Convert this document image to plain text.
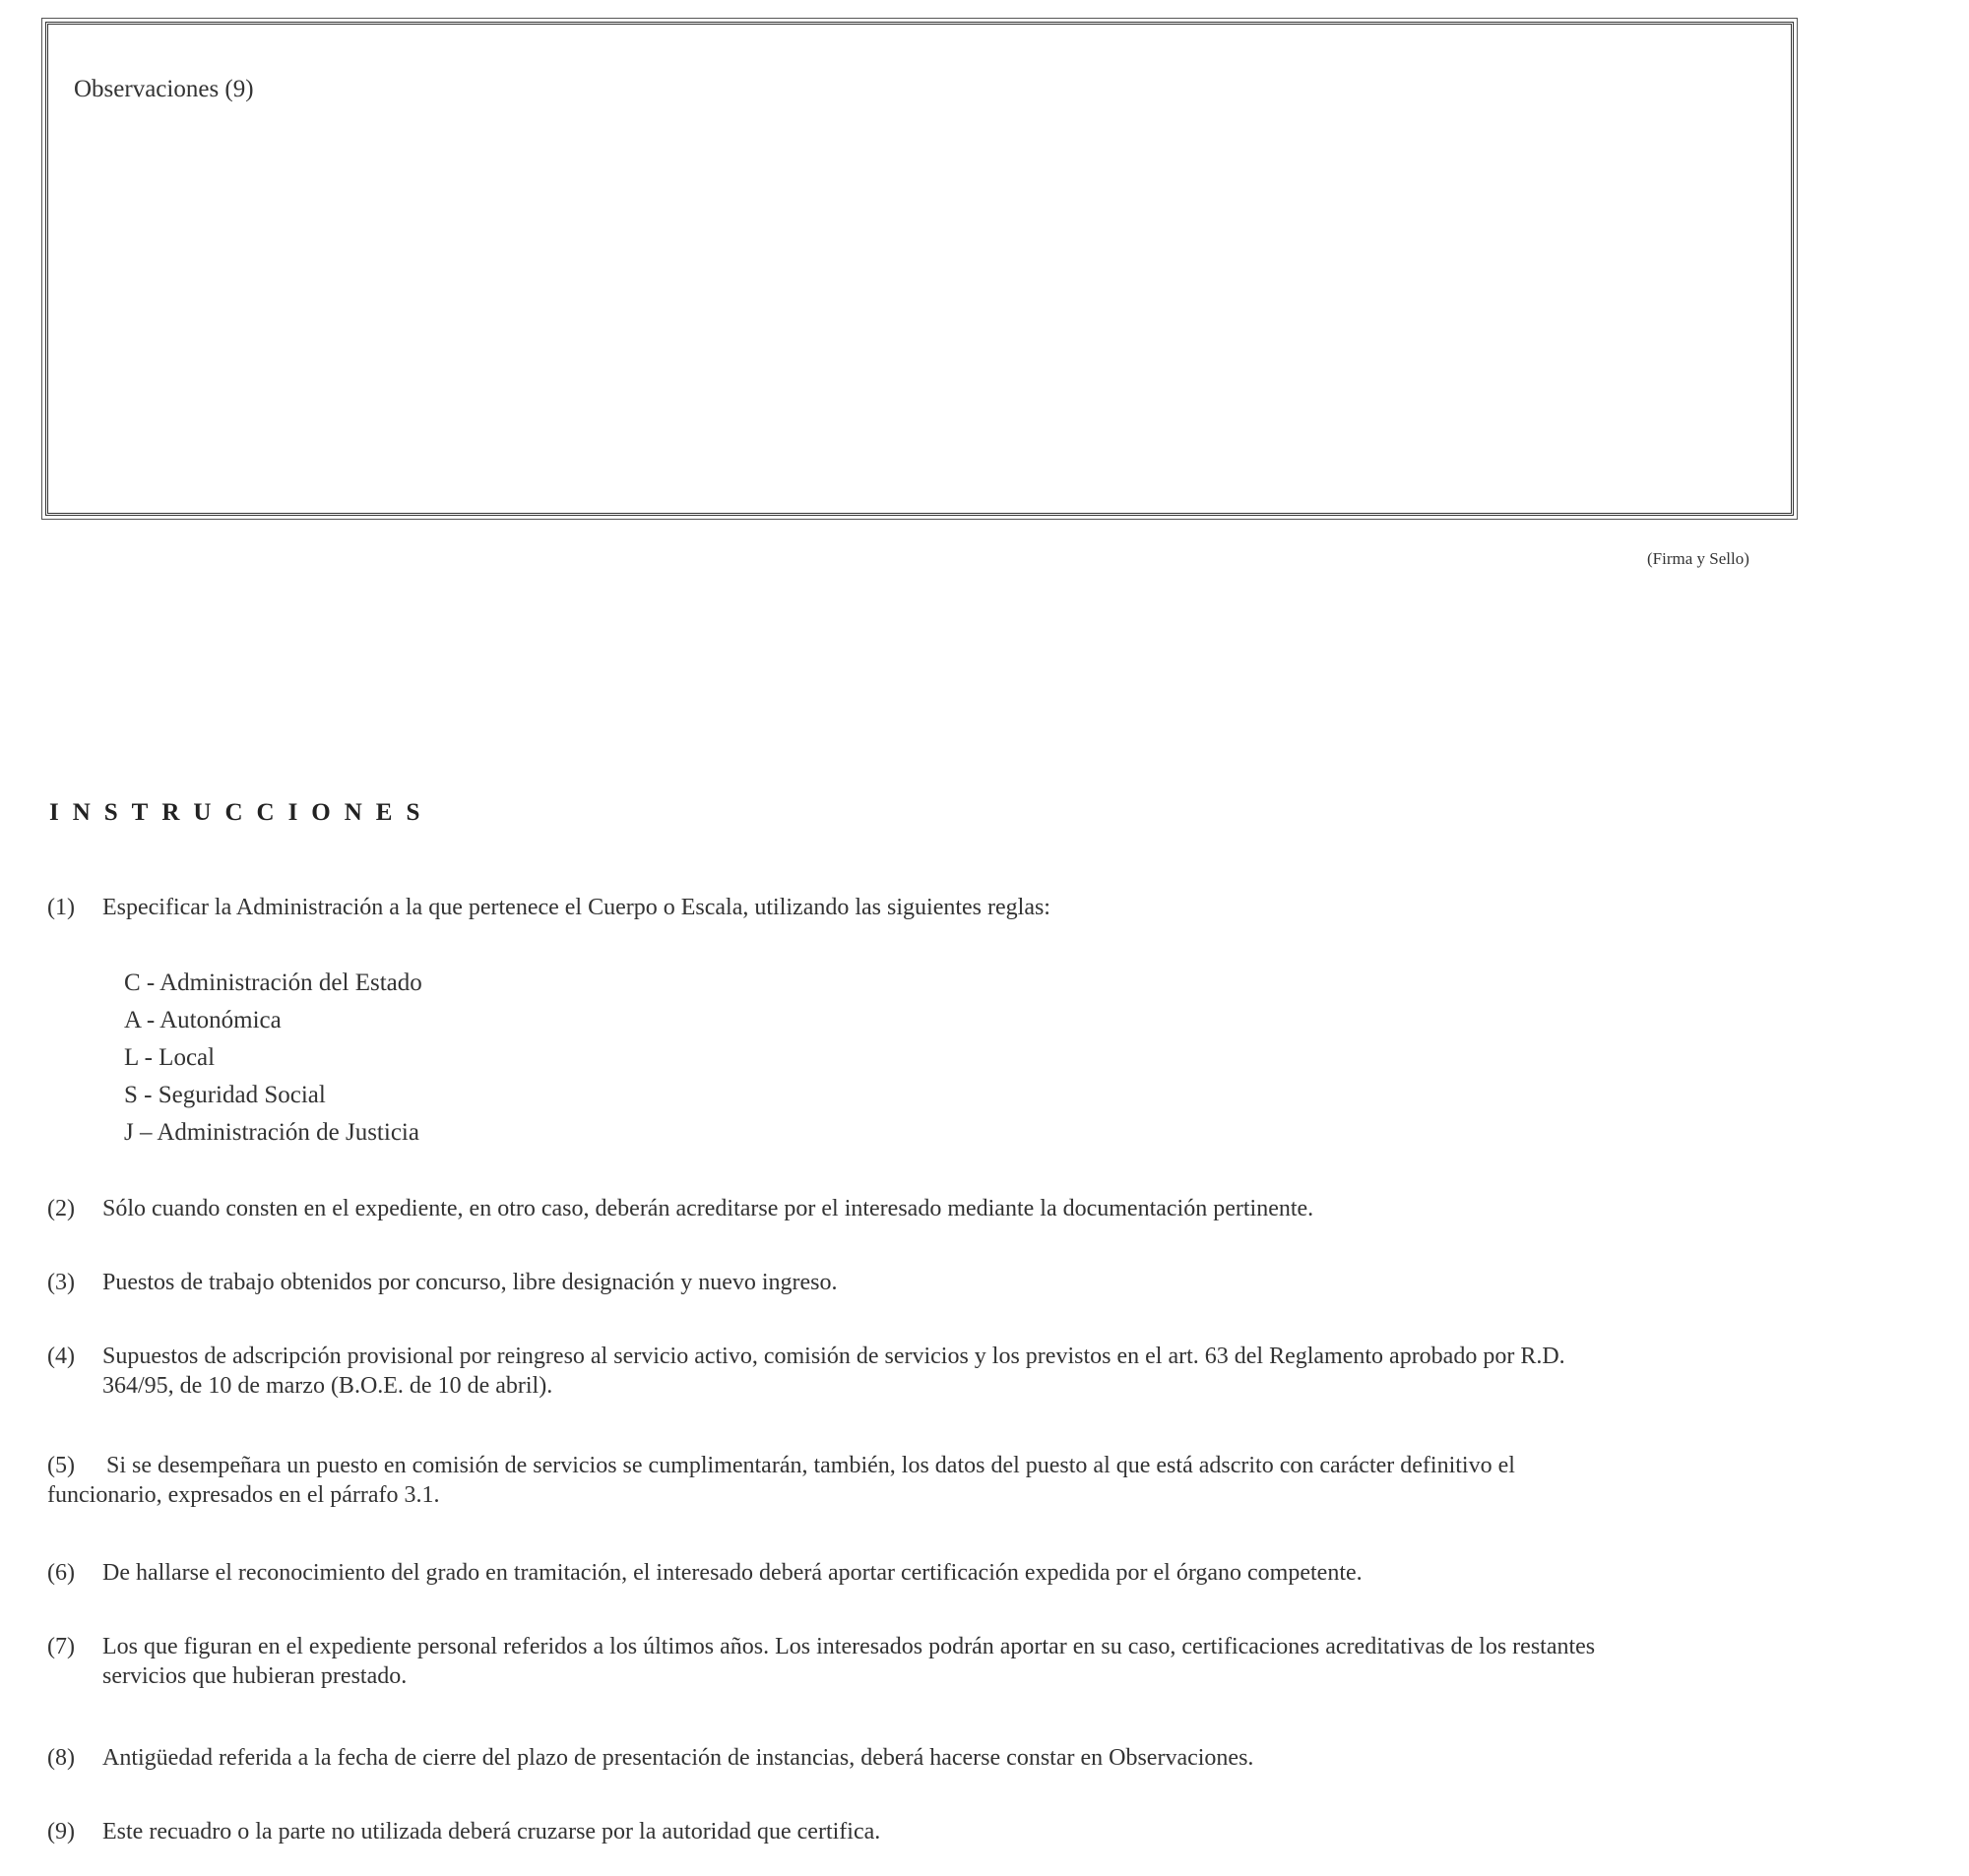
Observaciones (9)
(Firma y Sello)
INSTRUCCIONES
(1) Especificar la Administración a la que pertenece el Cuerpo o Escala, utilizando las siguientes reglas:
C - Administración del Estado
A - Autonómica
L - Local
S - Seguridad Social
J – Administración de Justicia
(2) Sólo cuando consten en el expediente, en otro caso, deberán acreditarse por el interesado mediante la documentación pertinente.
(3) Puestos de trabajo obtenidos por concurso, libre designación y nuevo ingreso.
(4) Supuestos de adscripción provisional por reingreso al servicio activo, comisión de servicios y los previstos en el art. 63 del Reglamento aprobado por R.D.
364/95, de 10 de marzo (B.O.E. de 10 de abril).
(5) Si se desempeñara un puesto en comisión de servicios se cumplimentarán, también, los datos del puesto al que está adscrito con carácter definitivo el
funcionario, expresados en el párrafo 3.1.
(6) De hallarse el reconocimiento del grado en tramitación, el interesado deberá aportar certificación expedida por el órgano competente.
(7) Los que figuran en el expediente personal referidos a los últimos años. Los interesados podrán aportar en su caso, certificaciones acreditativas de los restantes
servicios que hubieran prestado.
(8) Antigüedad referida a la fecha de cierre del plazo de presentación de instancias, deberá hacerse constar en Observaciones.
(9) Este recuadro o la parte no utilizada deberá cruzarse por la autoridad que certifica.
